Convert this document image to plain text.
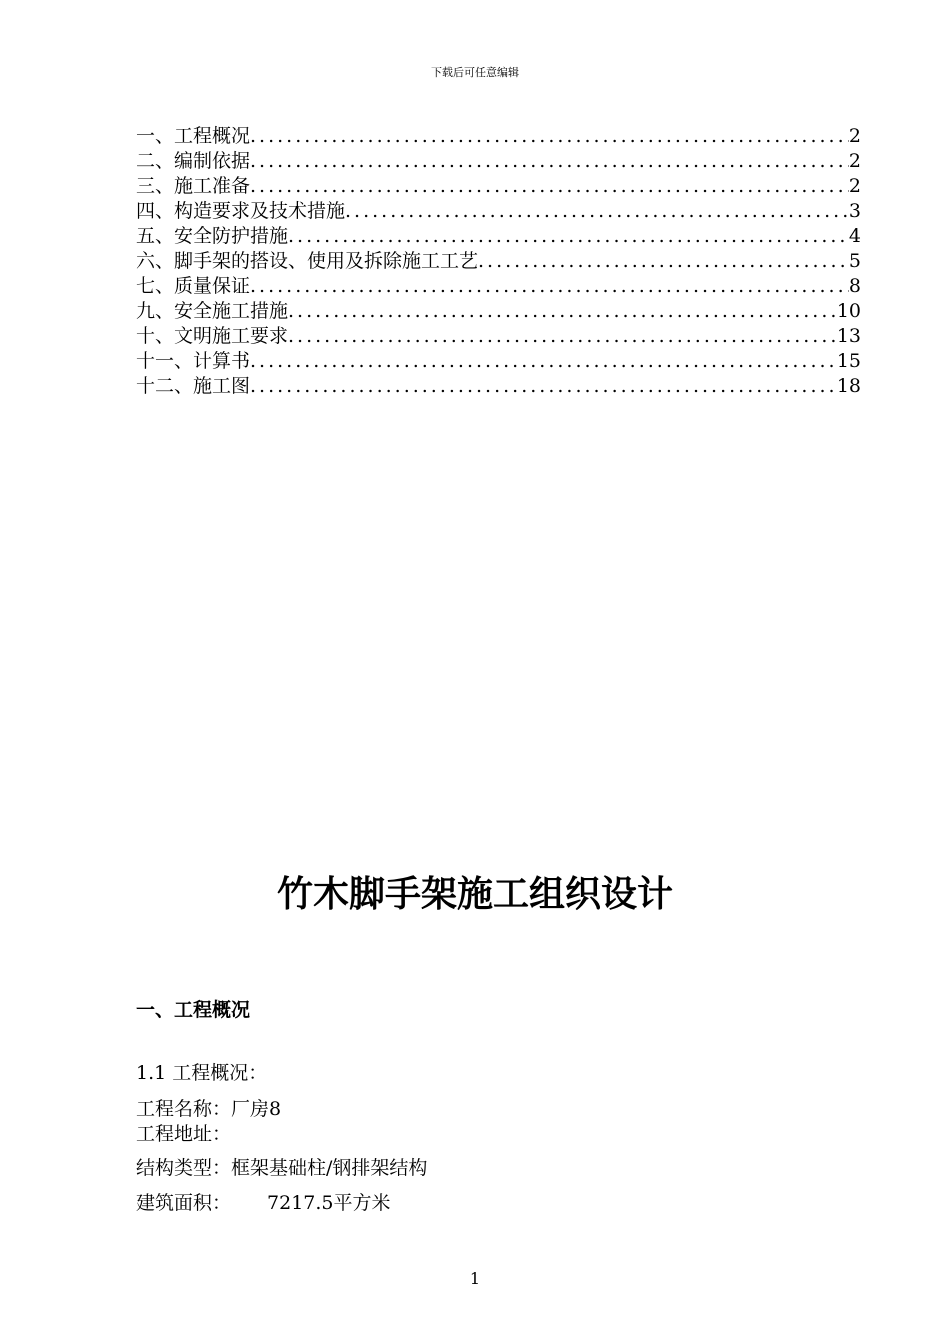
下载后可任意编辑
一、工程概况 .....	2
二、编制依据 .....	2
三、施工准备 .....	2
四、构造要求及技术措施 .....	3
五、安全防护措施 .....	4
六、脚手架的搭设、使用及拆除施工工艺 .....	5
七、质量保证 .....	8
九、安全施工措施 .....	10
十、文明施工要求 .....	13
十一、计算书 .....	15
十二、施工图 .....	18
竹木脚手架施工组织设计
一、工程概况
1.1 工程概况：
工程名称：厂房8
工程地址：
结构类型：框架基础柱/钢排架结构
建筑面积： 7217.5平方米
1
